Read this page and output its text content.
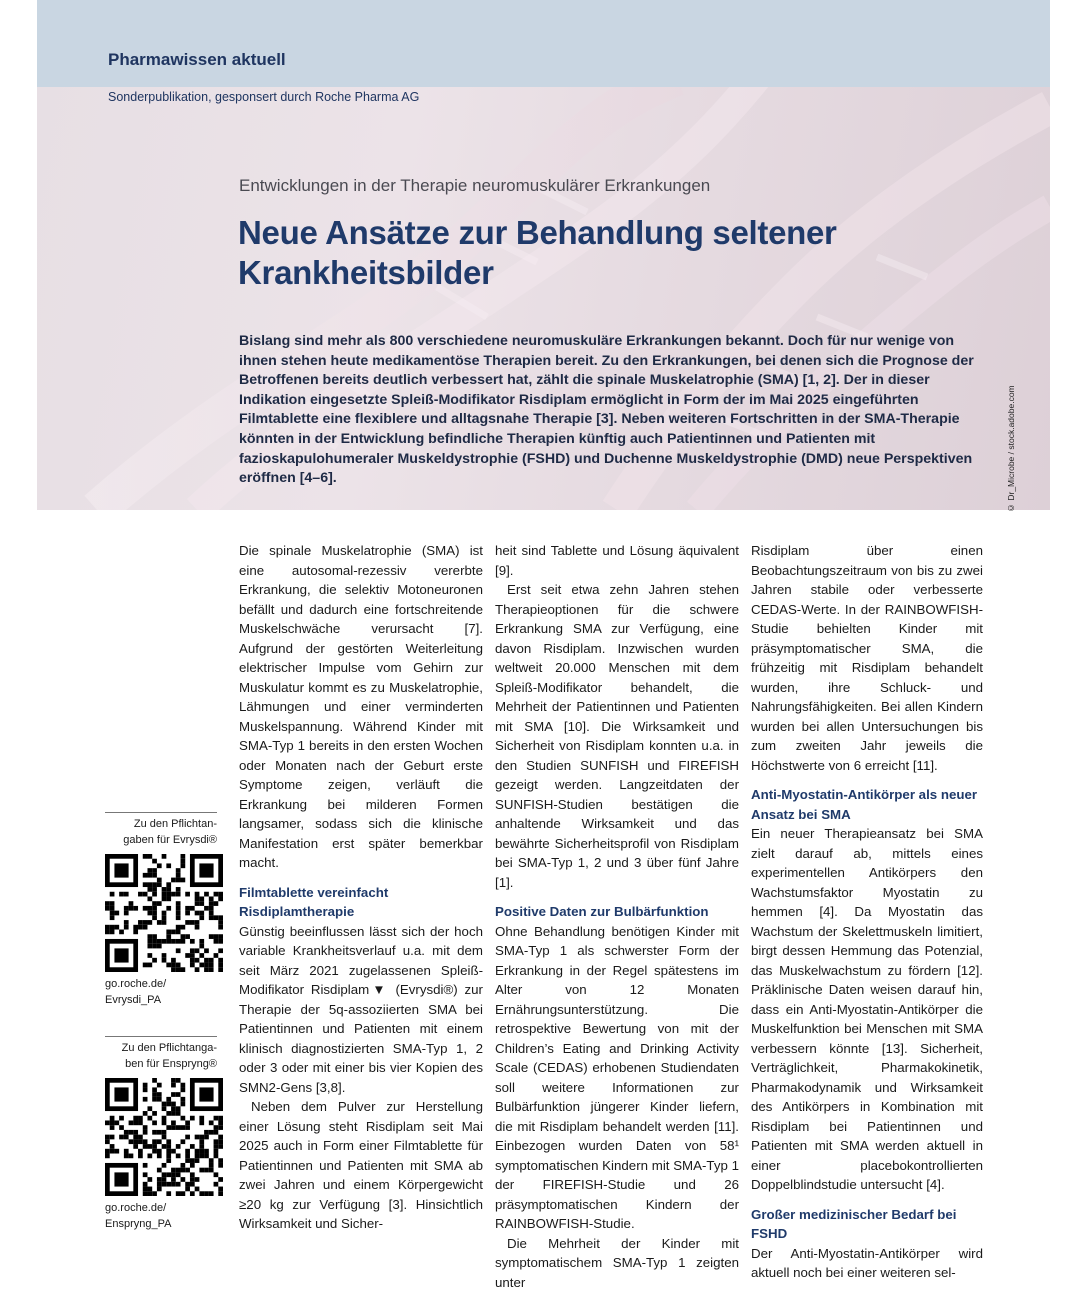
Pharmawissen aktuell
Sonderpublikation, gesponsert durch Roche Pharma AG
Entwicklungen in der Therapie neuromuskulärer Erkrankungen
Neue Ansätze zur Behandlung seltener Krankheitsbilder
Bislang sind mehr als 800 verschiedene neuromuskuläre Erkrankungen bekannt. Doch für nur wenige von ihnen stehen heute medikamentöse Therapien bereit. Zu den Erkrankungen, bei denen sich die Prognose der Betroffenen bereits deutlich verbessert hat, zählt die spinale Muskelatrophie (SMA) [1, 2]. Der in dieser Indikation eingesetzte Spleiß-Modifikator Risdiplam ermöglicht in Form der im Mai 2025 eingeführten Filmtablette eine flexiblere und alltagsnahe Therapie [3]. Neben weiteren Fortschritten in der SMA-Therapie könnten in der Entwicklung befindliche Therapien künftig auch Patientinnen und Patienten mit fazioskapulohumeraler Muskeldystrophie (FSHD) und Duchenne Muskeldystrophie (DMD) neue Perspektiven eröffnen [4–6].	© Dr_Microbe / stock.adobe.com

Die spinale Muskelatrophie (SMA) ist eine autosomal-rezessiv vererbte Erkrankung, die selektiv Motoneuronen befällt und dadurch eine fortschreitende Muskelschwäche verursacht [7]. Aufgrund der gestörten Weiterleitung elektrischer Impulse vom Gehirn zur Muskulatur kommt es zu Muskelatrophie, Lähmungen und einer verminderten Muskelspannung. Während Kinder mit SMA-Typ 1 bereits in den ersten Wochen oder Monaten nach der Geburt erste Symptome zeigen, verläuft die Erkrankung bei milderen Formen langsamer, sodass sich die klinische Manifestation erst später bemerkbar macht.

Filmtablette vereinfacht Risdiplamtherapie

Günstig beeinflussen lässt sich der hoch variable Krankheitsverlauf u.a. mit dem seit März 2021 zugelassenen Spleiß-Modifikator Risdiplam▼ (Evrysdi®) zur Therapie der 5q-assoziierten SMA bei Patientinnen und Patienten mit einem klinisch diagnostizierten SMA-Typ 1, 2 oder 3 oder mit einer bis vier Kopien des SMN2-Gens [3,8].

Neben dem Pulver zur Herstellung einer Lösung steht Risdiplam seit Mai 2025 auch in Form einer Filmtablette für Patientinnen und Patienten mit SMA ab zwei Jahren und einem Körpergewicht ≥20 kg zur Verfügung [3]. Hinsichtlich Wirksamkeit und Sicher-

heit sind Tablette und Lösung äquivalent [9].

Erst seit etwa zehn Jahren stehen Therapieoptionen für die schwere Erkrankung SMA zur Verfügung, eine davon Risdiplam. Inzwischen wurden weltweit 20.000 Menschen mit dem Spleiß-Modifikator behandelt, die Mehrheit der Patientinnen und Patienten mit SMA [10]. Die Wirksamkeit und Sicherheit von Risdiplam konnten u.a. in den Studien SUNFISH und FIREFISH gezeigt werden. Langzeitdaten der SUNFISH-Studien bestätigen die anhaltende Wirksamkeit und das bewährte Sicherheitsprofil von Risdiplam bei SMA-Typ 1, 2 und 3 über fünf Jahre [1].

Positive Daten zur Bulbärfunktion

Ohne Behandlung benötigen Kinder mit SMA-Typ 1 als schwerster Form der Erkrankung in der Regel spätestens im Alter von 12 Monaten Ernährungsunterstützung. Die retrospektive Bewertung von mit der Children’s Eating and Drinking Activity Scale (CEDAS) erhobenen Studiendaten soll weitere Informationen zur Bulbärfunktion jüngerer Kinder liefern, die mit Risdiplam behandelt werden [11]. Einbezogen wurden Daten von 58¹ symptomatischen Kindern mit SMA-Typ 1 der FIREFISH-Studie und 26 präsymptomatischen Kindern der RAINBOWFISH-Studie.

Die Mehrheit der Kinder mit symptomatischem SMA-Typ 1 zeigten unter

Risdiplam über einen Beobachtungszeitraum von bis zu zwei Jahren stabile oder verbesserte CEDAS-Werte. In der RAINBOWFISH-Studie behielten Kinder mit präsymptomatischer SMA, die frühzeitig mit Risdiplam behandelt wurden, ihre Schluck- und Nahrungsfähigkeiten. Bei allen Kindern wurden bei allen Untersuchungen bis zum zweiten Jahr jeweils die Höchstwerte von 6 erreicht [11].

Anti-Myostatin-Antikörper als neuer Ansatz bei SMA

Ein neuer Therapieansatz bei SMA zielt darauf ab, mittels eines experimentellen Antikörpers den Wachstumsfaktor Myostatin zu hemmen [4]. Da Myostatin das Wachstum der Skelettmuskeln limitiert, birgt dessen Hemmung das Potenzial, das Muskelwachstum zu fördern [12]. Präklinische Daten weisen darauf hin, dass ein Anti-Myostatin-Antikörper die Muskelfunktion bei Menschen mit SMA verbessern könnte [13]. Sicherheit, Verträglichkeit, Pharmakokinetik, Pharmakodynamik und Wirksamkeit des Antikörpers in Kombination mit Risdiplam bei Patientinnen und Patienten mit SMA werden aktuell in einer placebokontrollierten Doppelblindstudie untersucht [4].

Großer medizinischer Bedarf bei FSHD

Der Anti-Myostatin-Antikörper wird aktuell noch bei einer weiteren sel-

Zu den Pflichtan-gaben für Evrysdi®
go.roche.de/
Evrysdi_PA
Zu den Pflichtanga-ben für Enspryng®
go.roche.de/
Enspryng_PA
